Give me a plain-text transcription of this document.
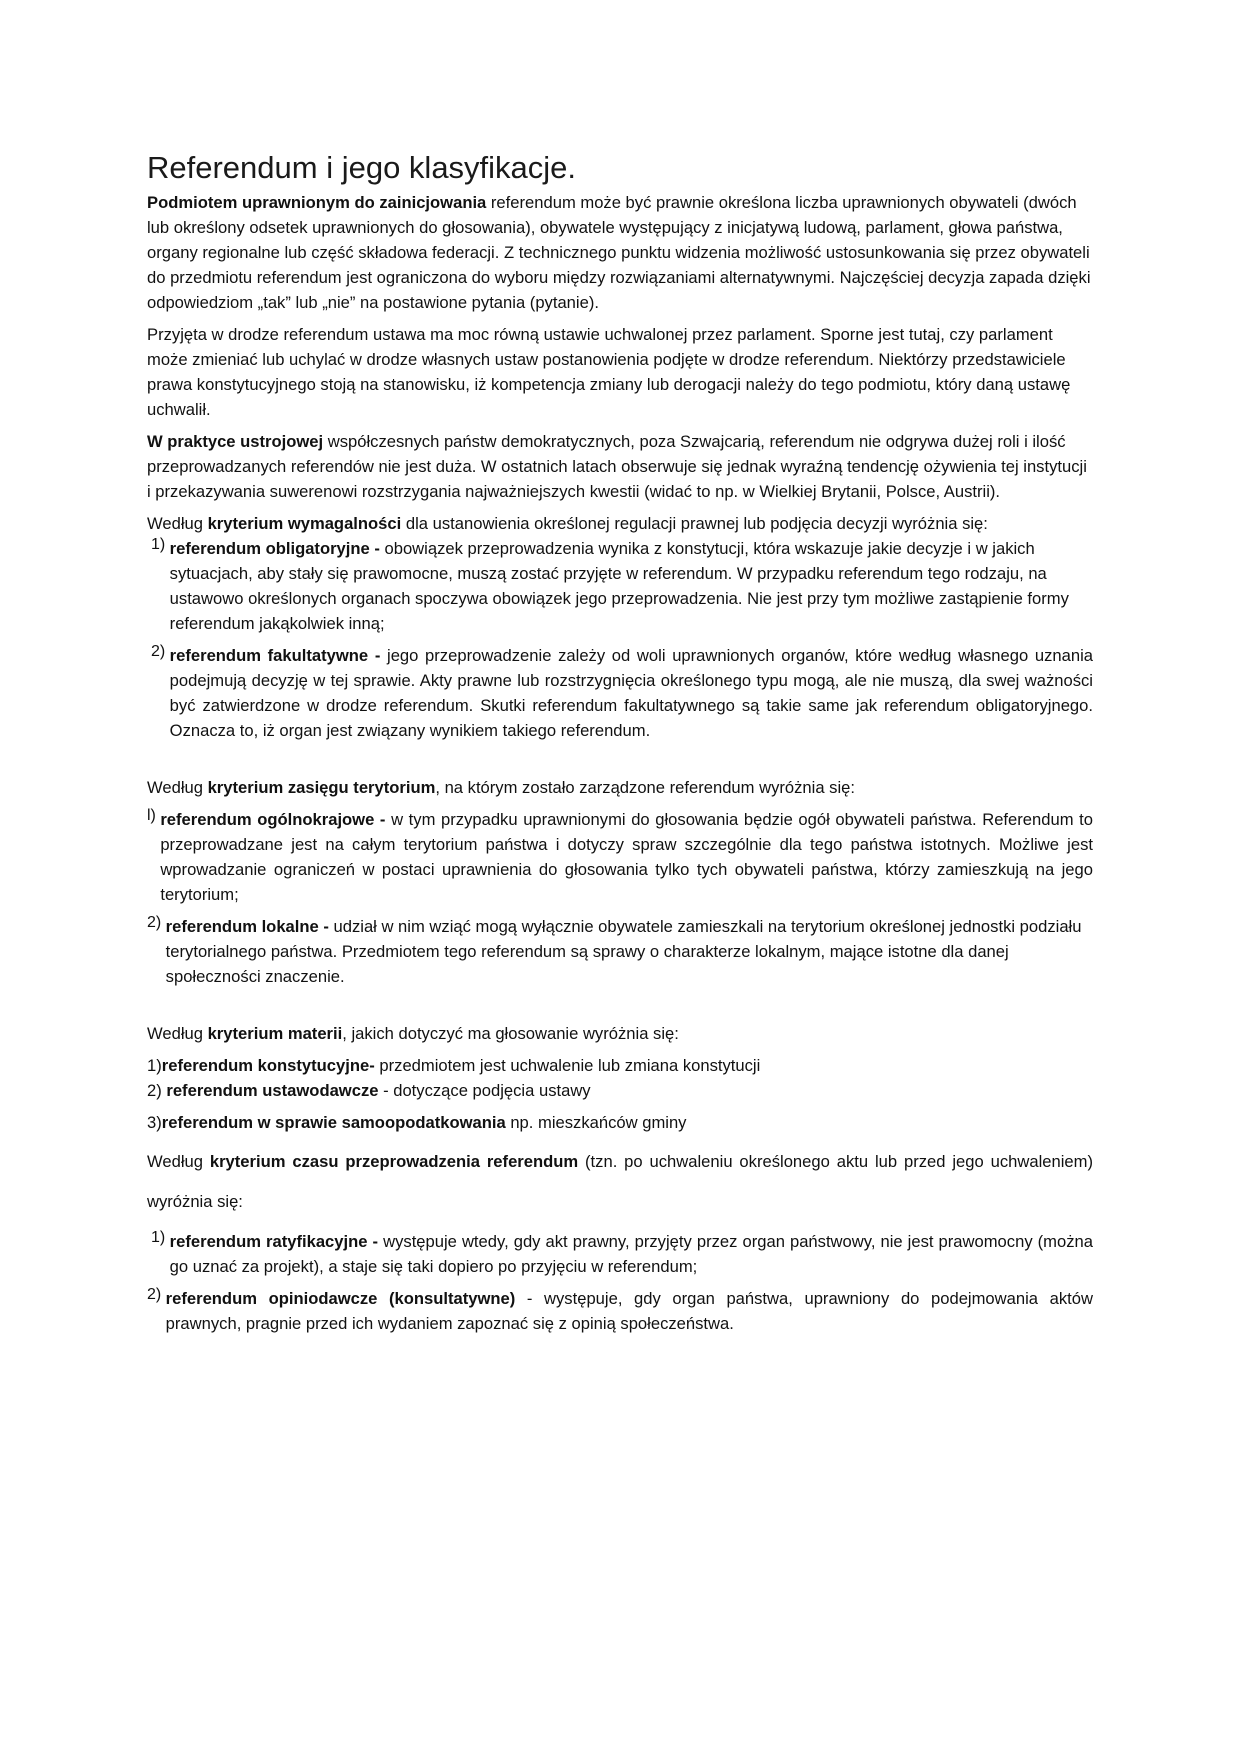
Referendum i jego klasyfikacje.

Podmiotem uprawnionym do zainicjowania referendum może być prawnie określona liczba uprawnionych obywateli (dwóch lub określony odsetek uprawnionych do głosowania), obywatele występujący z inicjatywą ludową, parlament, głowa państwa, organy regionalne lub część składowa federacji. Z technicznego punktu widzenia możliwość ustosunkowania się przez obywateli do przedmiotu referendum jest ograniczona do wyboru między rozwiązaniami alternatywnymi. Najczęściej decyzja zapada dzięki odpowiedziom „tak” lub „nie” na postawione pytania (pytanie).

Przyjęta w drodze referendum ustawa ma moc równą ustawie uchwalonej przez parlament. Sporne jest tutaj, czy parlament może zmieniać lub uchylać w drodze własnych ustaw postanowienia podjęte w drodze referendum. Niektórzy przedstawiciele prawa konstytucyjnego stoją na stanowisku, iż kompetencja zmiany lub derogacji należy do tego podmiotu, który daną ustawę uchwalił.

W praktyce ustrojowej współczesnych państw demokratycznych, poza Szwajcarią, referendum nie odgrywa dużej roli i ilość przeprowadzanych referendów nie jest duża. W ostatnich latach obserwuje się jednak wyraźną tendencję ożywienia tej instytucji i przekazywania suwerenowi rozstrzygania najważniejszych kwestii (widać to np. w Wielkiej Brytanii, Polsce, Austrii).

Według kryterium wymagalności dla ustanowienia określonej regulacji prawnej lub podjęcia decyzji wyróżnia się:

1) referendum obligatoryjne - obowiązek przeprowadzenia wynika z konstytucji, która wskazuje jakie decyzje i w jakich sytuacjach, aby stały się prawomocne, muszą zostać przyjęte w referendum. W przypadku referendum tego rodzaju, na ustawowo określonych organach spoczywa obowiązek jego przeprowadzenia. Nie jest przy tym możliwe zastąpienie formy referendum jakąkolwiek inną;

2) referendum fakultatywne - jego przeprowadzenie zależy od woli uprawnionych organów, które według własnego uznania podejmują decyzję w tej sprawie. Akty prawne lub rozstrzygnięcia określonego typu mogą, ale nie muszą, dla swej ważności być zatwierdzone w drodze referendum. Skutki referendum fakultatywnego są takie same jak referendum obligatoryjnego. Oznacza to, iż organ jest związany wynikiem takiego referendum.

Według kryterium zasięgu terytorium, na którym zostało zarządzone referendum wyróżnia się:

l) referendum ogólnokrajowe - w tym przypadku uprawnionymi do głosowania będzie ogół obywateli państwa. Referendum to przeprowadzane jest na całym terytorium państwa i dotyczy spraw szczególnie dla tego państwa istotnych. Możliwe jest wprowadzanie ograniczeń w postaci uprawnienia do głosowania tylko tych obywateli państwa, którzy zamieszkują na jego terytorium;

2) referendum lokalne - udział w nim wziąć mogą wyłącznie obywatele zamieszkali na terytorium określonej jednostki podziału terytorialnego państwa. Przedmiotem tego referendum są sprawy o charakterze lokalnym, mające istotne dla danej społeczności znaczenie.

Według kryterium materii, jakich dotyczyć ma głosowanie wyróżnia się:

1)referendum konstytucyjne- przedmiotem jest uchwalenie lub zmiana konstytucji

2) referendum ustawodawcze - dotyczące podjęcia ustawy

3)referendum w sprawie samoopodatkowania np. mieszkańców gminy

Według kryterium czasu przeprowadzenia referendum (tzn. po uchwaleniu określonego aktu lub przed jego uchwaleniem) wyróżnia się:

1) referendum ratyfikacyjne - występuje wtedy, gdy akt prawny, przyjęty przez organ państwowy, nie jest prawomocny (można go uznać za projekt), a staje się taki dopiero po przyjęciu w referendum;

2) referendum opiniodawcze (konsultatywne) - występuje, gdy organ państwa, uprawniony do podejmowania aktów prawnych, pragnie przed ich wydaniem zapoznać się z opinią społeczeństwa.
